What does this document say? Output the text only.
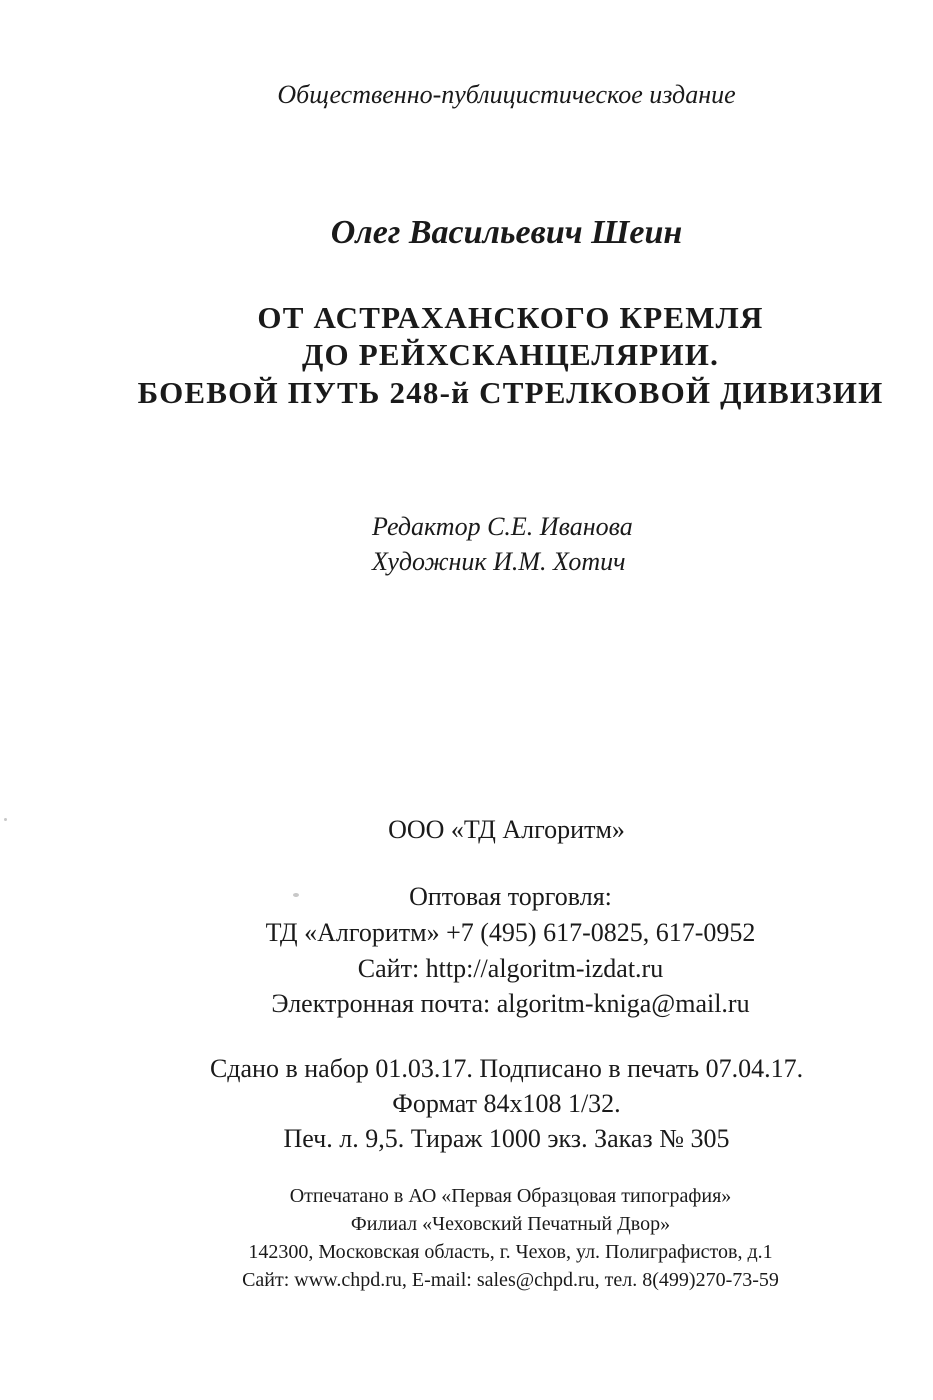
Общественно-публицистическое издание
Олег Васильевич Шеин
ОТ АСТРАХАНСКОГО КРЕМЛЯ
ДО РЕЙХСКАНЦЕЛЯРИИ.
БОЕВОЙ ПУТЬ 248-й СТРЕЛКОВОЙ ДИВИЗИИ
Редактор С.Е. Иванова
Художник И.М. Хотич
ООО «ТД Алгоритм»
Оптовая торговля:
ТД «Алгоритм» +7 (495) 617-0825, 617-0952
Сайт: http://algoritm-izdat.ru
Электронная почта: algoritm-kniga@mail.ru
Сдано в набор 01.03.17. Подписано в печать 07.04.17.
Формат 84х108 1/32.
Печ. л. 9,5. Тираж 1000 экз. Заказ № 305
Отпечатано в АО «Первая Образцовая типография»
Филиал «Чеховский Печатный Двор»
142300, Московская область, г. Чехов, ул. Полиграфистов, д.1
Сайт: www.chpd.ru, E-mail: sales@chpd.ru, тел. 8(499)270-73-59
